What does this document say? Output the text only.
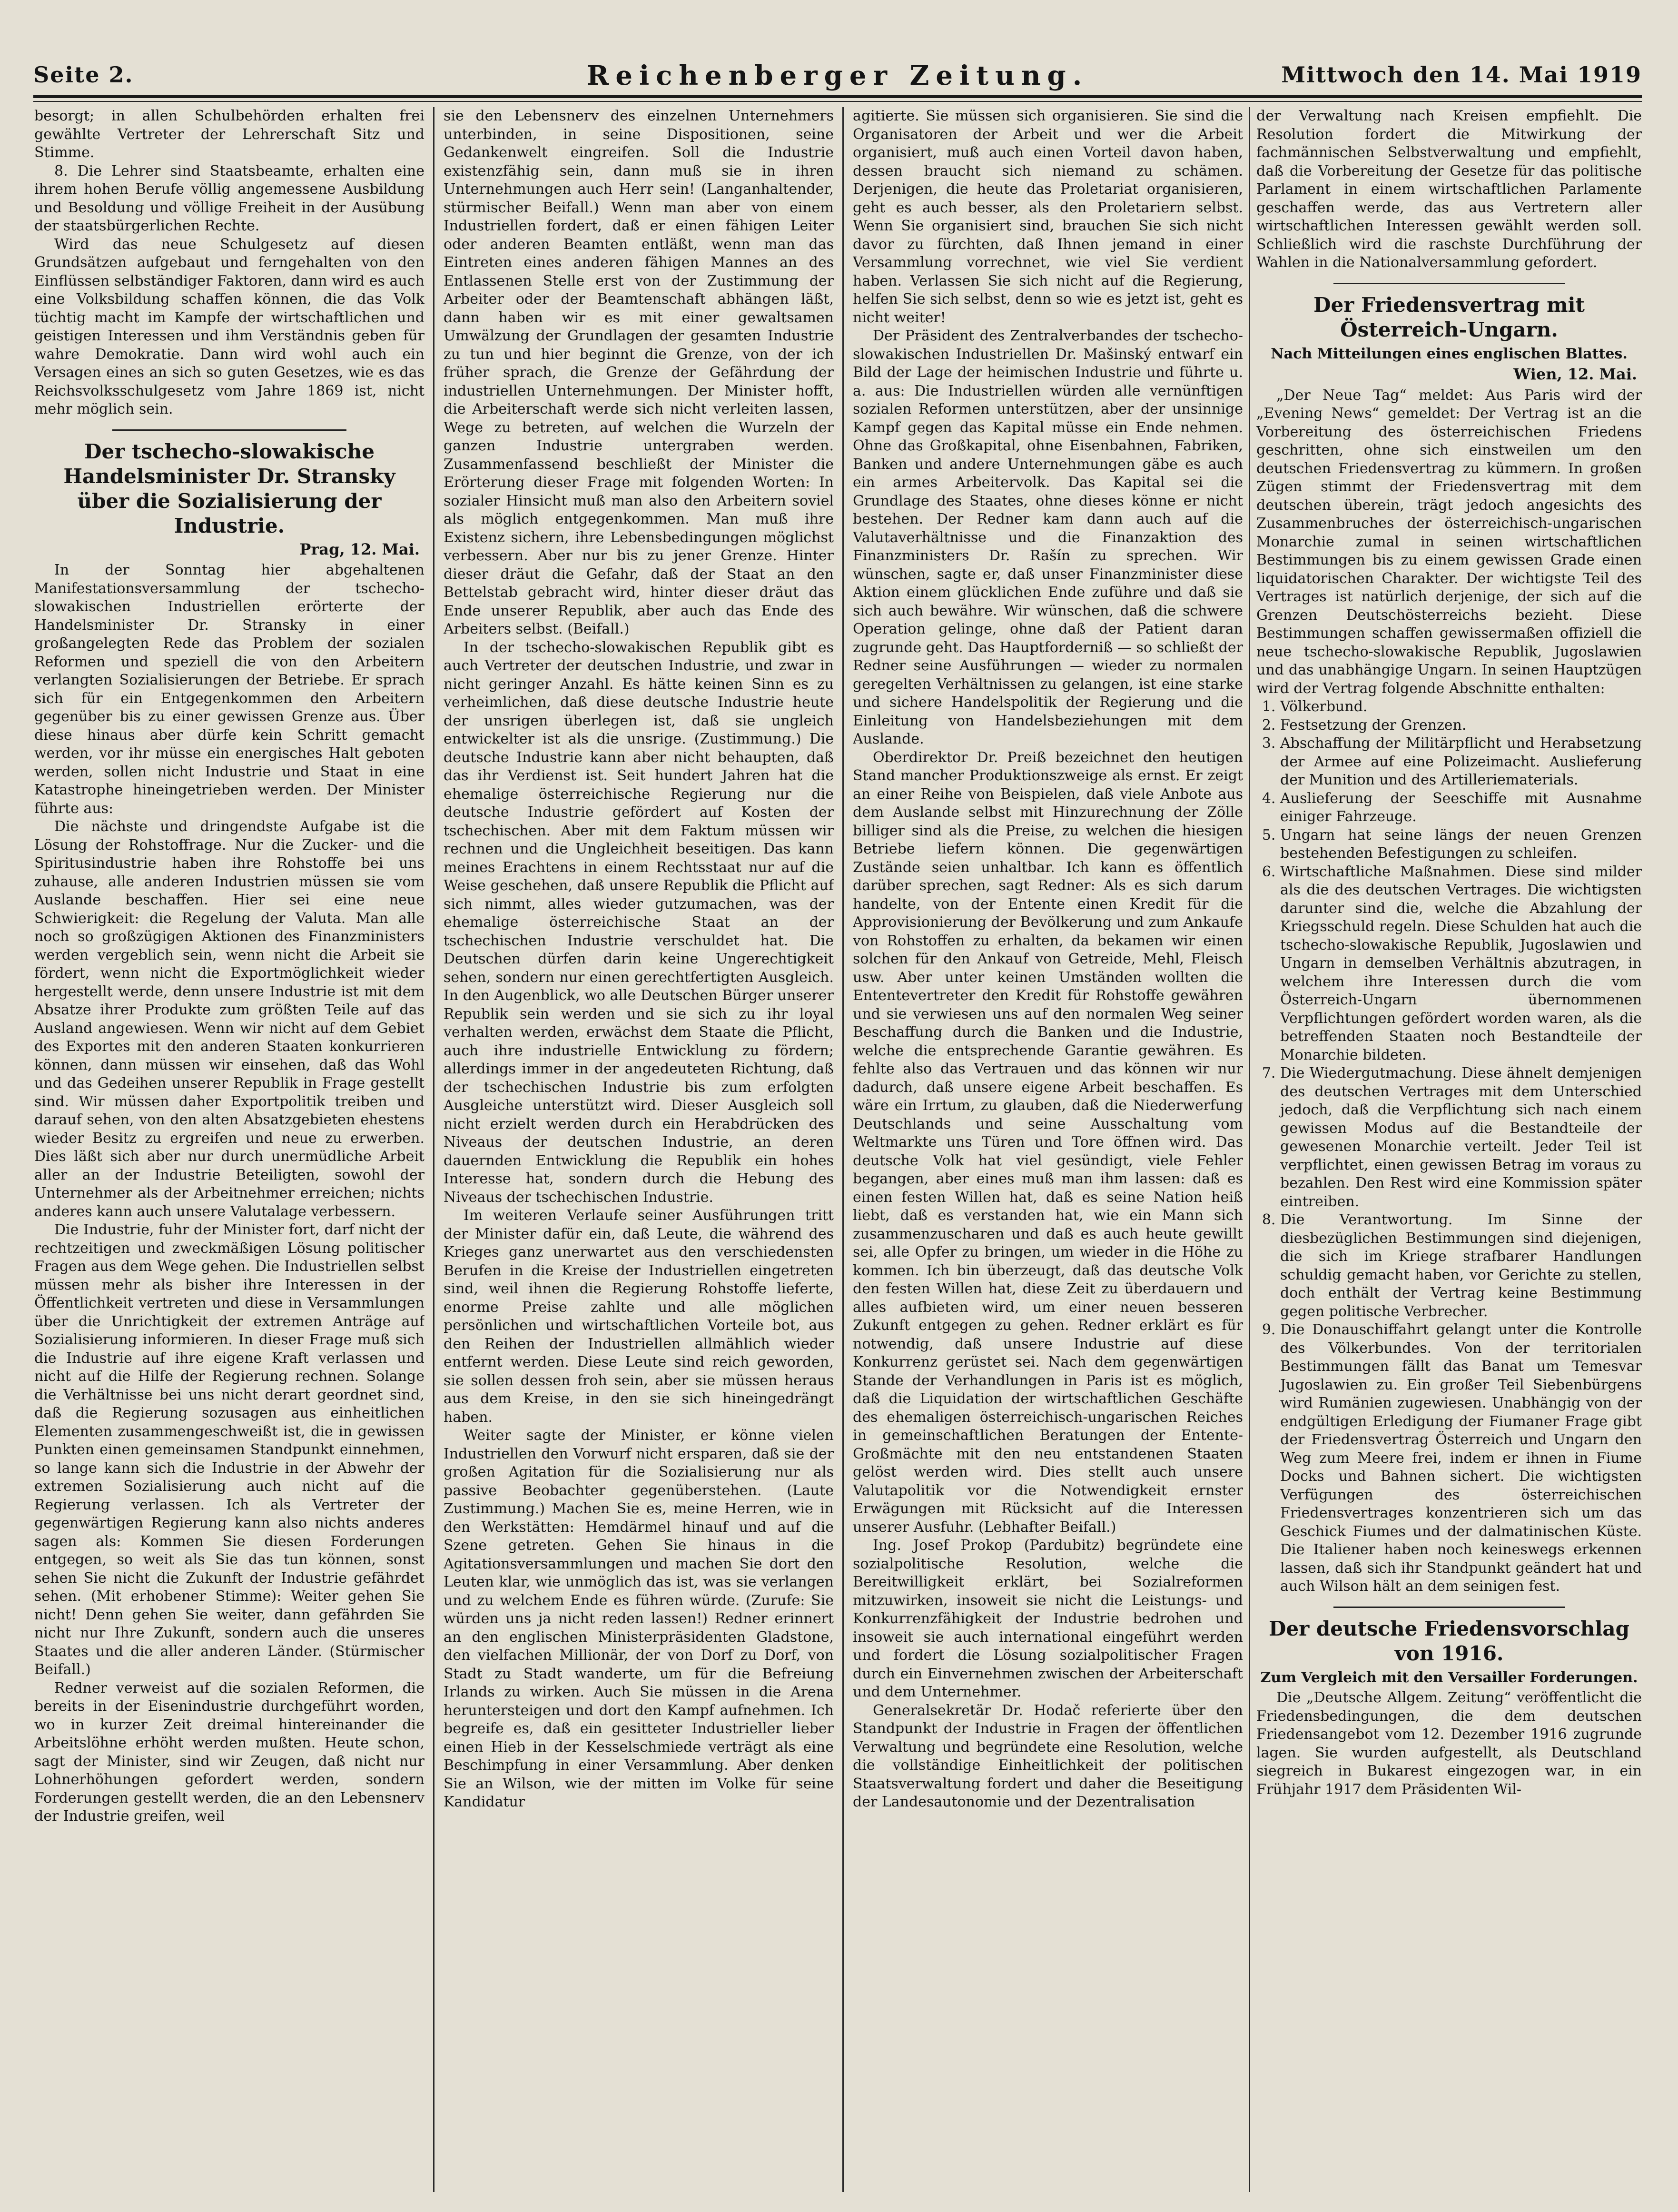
Seite 2.	Reichenberger Zeitung.	Mittwoch den 14. Mai 1919

besorgt; in allen Schulbehörden erhalten frei gewählte Vertreter der Lehrerschaft Sitz und Stimme.

8. Die Lehrer sind Staatsbeamte, erhalten eine ihrem hohen Berufe völlig angemessene Ausbildung und Besoldung und völlige Freiheit in der Ausübung der staatsbürgerlichen Rechte.

Wird das neue Schulgesetz auf diesen Grundsätzen aufgebaut und ferngehalten von den Einflüssen selbständiger Faktoren, dann wird es auch eine Volksbildung schaffen können, die das Volk tüchtig macht im Kampfe der wirtschaftlichen und geistigen Interessen und ihm Verständnis geben für wahre Demokratie. Dann wird wohl auch ein Versagen eines an sich so guten Gesetzes, wie es das Reichsvolksschulgesetz vom Jahre 1869 ist, nicht mehr möglich sein.

Der tschecho-slowakische Handelsminister Dr. Stransky über die Sozialisierung der Industrie.

Prag, 12. Mai.

In der Sonntag hier abgehaltenen Manifestationsversammlung der tschecho-slowakischen Industriellen erörterte der Handelsminister Dr. Stransky in einer großangelegten Rede das Problem der sozialen Reformen und speziell die von den Arbeitern verlangten Sozialisierungen der Betriebe. Er sprach sich für ein Entgegenkommen den Arbeitern gegenüber bis zu einer gewissen Grenze aus. Über diese hinaus aber dürfe kein Schritt gemacht werden, vor ihr müsse ein energisches Halt geboten werden, sollen nicht Industrie und Staat in eine Katastrophe hineingetrieben werden. Der Minister führte aus:

Die nächste und dringendste Aufgabe ist die Lösung der Rohstoffrage. Nur die Zucker- und die Spiritusindustrie haben ihre Rohstoffe bei uns zuhause, alle anderen Industrien müssen sie vom Auslande beschaffen. Hier sei eine neue Schwierigkeit: die Regelung der Valuta. Man alle noch so großzügigen Aktionen des Finanzministers werden vergeblich sein, wenn nicht die Arbeit sie fördert, wenn nicht die Exportmöglichkeit wieder hergestellt werde, denn unsere Industrie ist mit dem Absatze ihrer Produkte zum größten Teile auf das Ausland angewiesen. Wenn wir nicht auf dem Gebiet des Exportes mit den anderen Staaten konkurrieren können, dann müssen wir einsehen, daß das Wohl und das Gedeihen unserer Republik in Frage gestellt sind. Wir müssen daher Exportpolitik treiben und darauf sehen, von den alten Absatzgebieten ehestens wieder Besitz zu ergreifen und neue zu erwerben. Dies läßt sich aber nur durch unermüdliche Arbeit aller an der Industrie Beteiligten, sowohl der Unternehmer als der Arbeitnehmer erreichen; nichts anderes kann auch unsere Valutalage verbessern.

Die Industrie, fuhr der Minister fort, darf nicht der rechtzeitigen und zweckmäßigen Lösung politischer Fragen aus dem Wege gehen. Die Industriellen selbst müssen mehr als bisher ihre Interessen in der Öffentlichkeit vertreten und diese in Versammlungen über die Unrichtigkeit der extremen Anträge auf Sozialisierung informieren. In dieser Frage muß sich die Industrie auf ihre eigene Kraft verlassen und nicht auf die Hilfe der Regierung rechnen. Solange die Verhältnisse bei uns nicht derart geordnet sind, daß die Regierung sozusagen aus einheitlichen Elementen zusammengeschweißt ist, die in gewissen Punkten einen gemeinsamen Standpunkt einnehmen, so lange kann sich die Industrie in der Abwehr der extremen Sozialisierung auch nicht auf die Regierung verlassen. Ich als Vertreter der gegenwärtigen Regierung kann also nichts anderes sagen als: Kommen Sie diesen Forderungen entgegen, so weit als Sie das tun können, sonst sehen Sie nicht die Zukunft der Industrie gefährdet sehen. (Mit erhobener Stimme): Weiter gehen Sie nicht! Denn gehen Sie weiter, dann gefährden Sie nicht nur Ihre Zukunft, sondern auch die unseres Staates und die aller anderen Länder. (Stürmischer Beifall.)

Redner verweist auf die sozialen Reformen, die bereits in der Eisenindustrie durchgeführt worden, wo in kurzer Zeit dreimal hintereinander die Arbeitslöhne erhöht werden mußten. Heute schon, sagt der Minister, sind wir Zeugen, daß nicht nur Lohnerhöhungen gefordert werden, sondern Forderungen gestellt werden, die an den Lebensnerv der Industrie greifen, weil

sie den Lebensnerv des einzelnen Unternehmers unterbinden, in seine Dispositionen, seine Gedankenwelt eingreifen. Soll die Industrie existenzfähig sein, dann muß sie in ihren Unternehmungen auch Herr sein! (Langanhaltender, stürmischer Beifall.) Wenn man aber von einem Industriellen fordert, daß er einen fähigen Leiter oder anderen Beamten entläßt, wenn man das Eintreten eines anderen fähigen Mannes an des Entlassenen Stelle erst von der Zustimmung der Arbeiter oder der Beamtenschaft abhängen läßt, dann haben wir es mit einer gewaltsamen Umwälzung der Grundlagen der gesamten Industrie zu tun und hier beginnt die Grenze, von der ich früher sprach, die Grenze der Gefährdung der industriellen Unternehmungen. Der Minister hofft, die Arbeiterschaft werde sich nicht verleiten lassen, Wege zu betreten, auf welchen die Wurzeln der ganzen Industrie untergraben werden. Zusammenfassend beschließt der Minister die Erörterung dieser Frage mit folgenden Worten: In sozialer Hinsicht muß man also den Arbeitern soviel als möglich entgegenkommen. Man muß ihre Existenz sichern, ihre Lebensbedingungen möglichst verbessern. Aber nur bis zu jener Grenze. Hinter dieser dräut die Gefahr, daß der Staat an den Bettelstab gebracht wird, hinter dieser dräut das Ende unserer Republik, aber auch das Ende des Arbeiters selbst. (Beifall.)

In der tschecho-slowakischen Republik gibt es auch Vertreter der deutschen Industrie, und zwar in nicht geringer Anzahl. Es hätte keinen Sinn es zu verheimlichen, daß diese deutsche Industrie heute der unsrigen überlegen ist, daß sie ungleich entwickelter ist als die unsrige. (Zustimmung.) Die deutsche Industrie kann aber nicht behaupten, daß das ihr Verdienst ist. Seit hundert Jahren hat die ehemalige österreichische Regierung nur die deutsche Industrie gefördert auf Kosten der tschechischen. Aber mit dem Faktum müssen wir rechnen und die Ungleichheit beseitigen. Das kann meines Erachtens in einem Rechtsstaat nur auf die Weise geschehen, daß unsere Republik die Pflicht auf sich nimmt, alles wieder gutzumachen, was der ehemalige österreichische Staat an der tschechischen Industrie verschuldet hat. Die Deutschen dürfen darin keine Ungerechtigkeit sehen, sondern nur einen gerechtfertigten Ausgleich. In den Augenblick, wo alle Deutschen Bürger unserer Republik sein werden und sie sich zu ihr loyal verhalten werden, erwächst dem Staate die Pflicht, auch ihre industrielle Entwicklung zu fördern; allerdings immer in der angedeuteten Richtung, daß der tschechischen Industrie bis zum erfolgten Ausgleiche unterstützt wird. Dieser Ausgleich soll nicht erzielt werden durch ein Herabdrücken des Niveaus der deutschen Industrie, an deren dauernden Entwicklung die Republik ein hohes Interesse hat, sondern durch die Hebung des Niveaus der tschechischen Industrie.

Im weiteren Verlaufe seiner Ausführungen tritt der Minister dafür ein, daß Leute, die während des Krieges ganz unerwartet aus den verschiedensten Berufen in die Kreise der Industriellen eingetreten sind, weil ihnen die Regierung Rohstoffe lieferte, enorme Preise zahlte und alle möglichen persönlichen und wirtschaftlichen Vorteile bot, aus den Reihen der Industriellen allmählich wieder entfernt werden. Diese Leute sind reich geworden, sie sollen dessen froh sein, aber sie müssen heraus aus dem Kreise, in den sie sich hineingedrängt haben.

Weiter sagte der Minister, er könne vielen Industriellen den Vorwurf nicht ersparen, daß sie der großen Agitation für die Sozialisierung nur als passive Beobachter gegenüberstehen. (Laute Zustimmung.) Machen Sie es, meine Herren, wie in den Werkstätten: Hemdärmel hinauf und auf die Szene getreten. Gehen Sie hinaus in die Agitationsversammlungen und machen Sie dort den Leuten klar, wie unmöglich das ist, was sie verlangen und zu welchem Ende es führen würde. (Zurufe: Sie würden uns ja nicht reden lassen!) Redner erinnert an den englischen Ministerpräsidenten Gladstone, den vielfachen Millionär, der von Dorf zu Dorf, von Stadt zu Stadt wanderte, um für die Befreiung Irlands zu wirken. Auch Sie müssen in die Arena heruntersteigen und dort den Kampf aufnehmen. Ich begreife es, daß ein gesitteter Industrieller lieber einen Hieb in der Kesselschmiede verträgt als eine Beschimpfung in einer Versammlung. Aber denken Sie an Wilson, wie der mitten im Volke für seine Kandidatur

agitierte. Sie müssen sich organisieren. Sie sind die Organisatoren der Arbeit und wer die Arbeit organisiert, muß auch einen Vorteil davon haben, dessen braucht sich niemand zu schämen. Derjenigen, die heute das Proletariat organisieren, geht es auch besser, als den Proletariern selbst. Wenn Sie organisiert sind, brauchen Sie sich nicht davor zu fürchten, daß Ihnen jemand in einer Versammlung vorrechnet, wie viel Sie verdient haben. Verlassen Sie sich nicht auf die Regierung, helfen Sie sich selbst, denn so wie es jetzt ist, geht es nicht weiter!

Der Präsident des Zentralverbandes der tschecho-slowakischen Industriellen Dr. Mašinský entwarf ein Bild der Lage der heimischen Industrie und führte u. a. aus: Die Industriellen würden alle vernünftigen sozialen Reformen unterstützen, aber der unsinnige Kampf gegen das Kapital müsse ein Ende nehmen. Ohne das Großkapital, ohne Eisenbahnen, Fabriken, Banken und andere Unternehmungen gäbe es auch ein armes Arbeitervolk. Das Kapital sei die Grundlage des Staates, ohne dieses könne er nicht bestehen. Der Redner kam dann auch auf die Valutaverhältnisse und die Finanzaktion des Finanzministers Dr. Rašín zu sprechen. Wir wünschen, sagte er, daß unser Finanzminister diese Aktion einem glücklichen Ende zuführe und daß sie sich auch bewähre. Wir wünschen, daß die schwere Operation gelinge, ohne daß der Patient daran zugrunde geht. Das Hauptforderniß — so schließt der Redner seine Ausführungen — wieder zu normalen geregelten Verhältnissen zu gelangen, ist eine starke und sichere Handelspolitik der Regierung und die Einleitung von Handelsbeziehungen mit dem Auslande.

Oberdirektor Dr. Preiß bezeichnet den heutigen Stand mancher Produktionszweige als ernst. Er zeigt an einer Reihe von Beispielen, daß viele Anbote aus dem Auslande selbst mit Hinzurechnung der Zölle billiger sind als die Preise, zu welchen die hiesigen Betriebe liefern können. Die gegenwärtigen Zustände seien unhaltbar. Ich kann es öffentlich darüber sprechen, sagt Redner: Als es sich darum handelte, von der Entente einen Kredit für die Approvisionierung der Bevölkerung und zum Ankaufe von Rohstoffen zu erhalten, da bekamen wir einen solchen für den Ankauf von Getreide, Mehl, Fleisch usw. Aber unter keinen Umständen wollten die Ententevertreter den Kredit für Rohstoffe gewähren und sie verwiesen uns auf den normalen Weg seiner Beschaffung durch die Banken und die Industrie, welche die entsprechende Garantie gewähren. Es fehlte also das Vertrauen und das können wir nur dadurch, daß unsere eigene Arbeit beschaffen. Es wäre ein Irrtum, zu glauben, daß die Niederwerfung Deutschlands und seine Ausschaltung vom Weltmarkte uns Türen und Tore öffnen wird. Das deutsche Volk hat viel gesündigt, viele Fehler begangen, aber eines muß man ihm lassen: daß es einen festen Willen hat, daß es seine Nation heiß liebt, daß es verstanden hat, wie ein Mann sich zusammenzuscharen und daß es auch heute gewillt sei, alle Opfer zu bringen, um wieder in die Höhe zu kommen. Ich bin überzeugt, daß das deutsche Volk den festen Willen hat, diese Zeit zu überdauern und alles aufbieten wird, um einer neuen besseren Zukunft entgegen zu gehen. Redner erklärt es für notwendig, daß unsere Industrie auf diese Konkurrenz gerüstet sei. Nach dem gegenwärtigen Stande der Verhandlungen in Paris ist es möglich, daß die Liquidation der wirtschaftlichen Geschäfte des ehemaligen österreichisch-ungarischen Reiches in gemeinschaftlichen Beratungen der Entente-Großmächte mit den neu entstandenen Staaten gelöst werden wird. Dies stellt auch unsere Valutapolitik vor die Notwendigkeit ernster Erwägungen mit Rücksicht auf die Interessen unserer Ausfuhr. (Lebhafter Beifall.)

Ing. Josef Prokop (Pardubitz) begründete eine sozialpolitische Resolution, welche die Bereitwilligkeit erklärt, bei Sozialreformen mitzuwirken, insoweit sie nicht die Leistungs- und Konkurrenzfähigkeit der Industrie bedrohen und insoweit sie auch international eingeführt werden und fordert die Lösung sozialpolitischer Fragen durch ein Einvernehmen zwischen der Arbeiterschaft und dem Unternehmer.

Generalsekretär Dr. Hodač referierte über den Standpunkt der Industrie in Fragen der öffentlichen Verwaltung und begründete eine Resolution, welche die vollständige Einheitlichkeit der politischen Staatsverwaltung fordert und daher die Beseitigung der Landesautonomie und der Dezentralisation

der Verwaltung nach Kreisen empfiehlt. Die Resolution fordert die Mitwirkung der fachmännischen Selbstverwaltung und empfiehlt, daß die Vorbereitung der Gesetze für das politische Parlament in einem wirtschaftlichen Parlamente geschaffen werde, das aus Vertretern aller wirtschaftlichen Interessen gewählt werden soll. Schließlich wird die raschste Durchführung der Wahlen in die Nationalversammlung gefordert.

Der Friedensvertrag mit Österreich-Ungarn.

Nach Mitteilungen eines englischen Blattes.
Wien, 12. Mai.

„Der Neue Tag“ meldet: Aus Paris wird der „Evening News“ gemeldet: Der Vertrag ist an die Vorbereitung des österreichischen Friedens geschritten, ohne sich einstweilen um den deutschen Friedensvertrag zu kümmern. In großen Zügen stimmt der Friedensvertrag mit dem deutschen überein, trägt jedoch angesichts des Zusammenbruches der österreichisch-ungarischen Monarchie zumal in seinen wirtschaftlichen Bestimmungen bis zu einem gewissen Grade einen liquidatorischen Charakter. Der wichtigste Teil des Vertrages ist natürlich derjenige, der sich auf die Grenzen Deutschösterreichs bezieht. Diese Bestimmungen schaffen gewissermaßen offiziell die neue tschecho-slowakische Republik, Jugoslawien und das unabhängige Ungarn. In seinen Hauptzügen wird der Vertrag folgende Abschnitte enthalten:

1. Völkerbund.
2. Festsetzung der Grenzen.
3. Abschaffung der Militärpflicht und Herabsetzung der Armee auf eine Polizeimacht. Auslieferung der Munition und des Artilleriematerials.
4. Auslieferung der Seeschiffe mit Ausnahme einiger Fahrzeuge.
5. Ungarn hat seine längs der neuen Grenzen bestehenden Befestigungen zu schleifen.
6. Wirtschaftliche Maßnahmen. Diese sind milder als die des deutschen Vertrages. Die wichtigsten darunter sind die, welche die Abzahlung der Kriegsschuld regeln. Diese Schulden hat auch die tschecho-slowakische Republik, Jugoslawien und Ungarn in demselben Verhältnis abzutragen, in welchem ihre Interessen durch die vom Österreich-Ungarn übernommenen Verpflichtungen gefördert worden waren, als die betreffenden Staaten noch Bestandteile der Monarchie bildeten.
7. Die Wiedergutmachung. Diese ähnelt demjenigen des deutschen Vertrages mit dem Unterschied jedoch, daß die Verpflichtung sich nach einem gewissen Modus auf die Bestandteile der gewesenen Monarchie verteilt. Jeder Teil ist verpflichtet, einen gewissen Betrag im voraus zu bezahlen. Den Rest wird eine Kommission später eintreiben.
8. Die Verantwortung. Im Sinne der diesbezüglichen Bestimmungen sind diejenigen, die sich im Kriege strafbarer Handlungen schuldig gemacht haben, vor Gerichte zu stellen, doch enthält der Vertrag keine Bestimmung gegen politische Verbrecher.
9. Die Donauschiffahrt gelangt unter die Kontrolle des Völkerbundes. Von der territorialen Bestimmungen fällt das Banat um Temesvar Jugoslawien zu. Ein großer Teil Siebenbürgens wird Rumänien zugewiesen. Unabhängig von der endgültigen Erledigung der Fiumaner Frage gibt der Friedensvertrag Österreich und Ungarn den Weg zum Meere frei, indem er ihnen in Fiume Docks und Bahnen sichert. Die wichtigsten Verfügungen des österreichischen Friedensvertrages konzentrieren sich um das Geschick Fiumes und der dalmatinischen Küste. Die Italiener haben noch keineswegs erkennen lassen, daß sich ihr Standpunkt geändert hat und auch Wilson hält an dem seinigen fest.

Der deutsche Friedensvorschlag von 1916.

Zum Vergleich mit den Versailler Forderungen.

Die „Deutsche Allgem. Zeitung“ veröffentlicht die Friedensbedingungen, die dem deutschen Friedensangebot vom 12. Dezember 1916 zugrunde lagen. Sie wurden aufgestellt, als Deutschland siegreich in Bukarest eingezogen war, in ein Frühjahr 1917 dem Präsidenten Wil-
